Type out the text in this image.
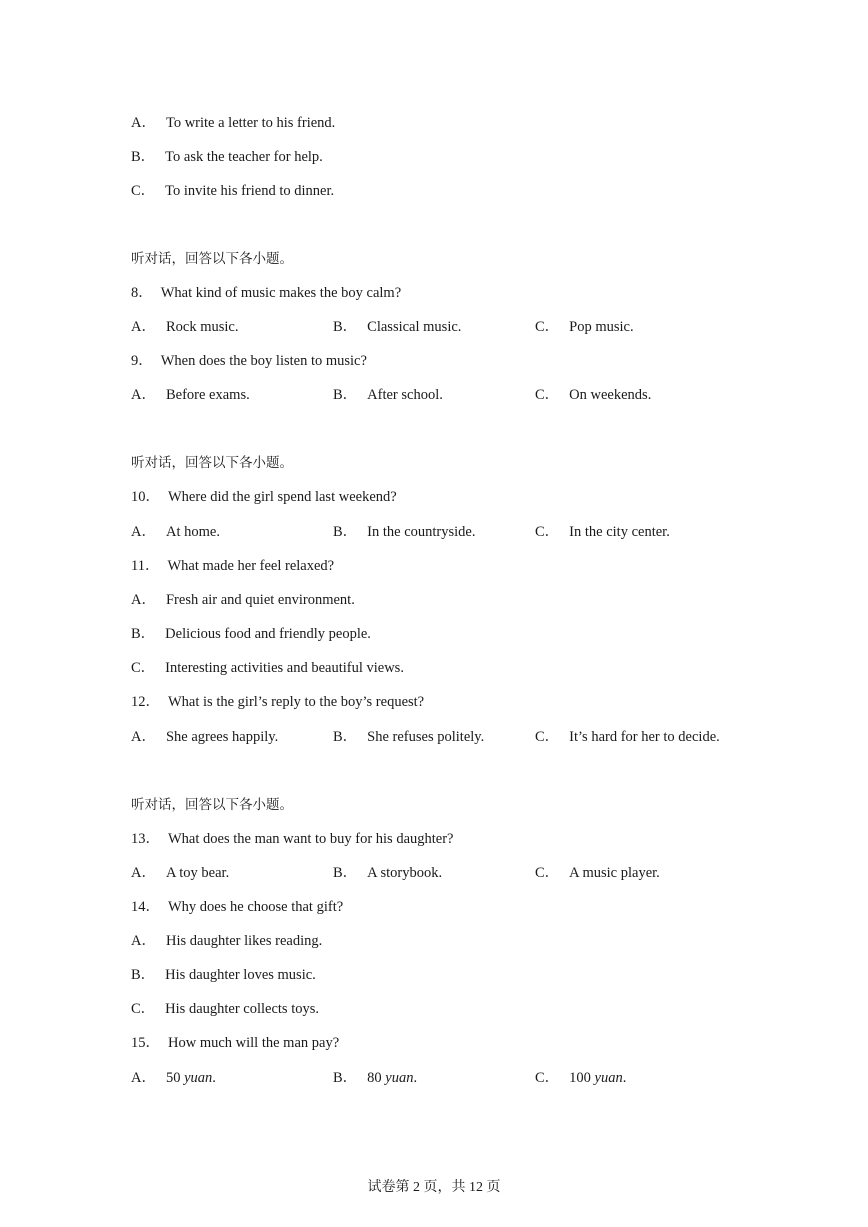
A． To write a letter to his friend.
B． To ask the teacher for help.
C． To invite his friend to dinner.
听对话，回答以下各小题。
8． What kind of music makes the boy calm?
A． Rock music.	B． Classical music.	C． Pop music.
9． When does the boy listen to music?
A． Before exams.	B． After school.	C． On weekends.
听对话，回答以下各小题。
10． Where did the girl spend last weekend?
A． At home.	B． In the countryside.	C． In the city center.
11． What made her feel relaxed?
A． Fresh air and quiet environment.
B． Delicious food and friendly people.
C． Interesting activities and beautiful views.
12． What is the girl’s reply to the boy’s request?
A． She agrees happily.	B． She refuses politely.	C． It’s hard for her to decide.
听对话，回答以下各小题。
13． What does the man want to buy for his daughter?
A． A toy bear.	B． A storybook.	C． A music player.
14． Why does he choose that gift?
A． His daughter likes reading.
B． His daughter loves music.
C． His daughter collects toys.
15． How much will the man pay?
A． 50 yuan.	B． 80 yuan.	C． 100 yuan.
试卷第 2 页，共 12 页
